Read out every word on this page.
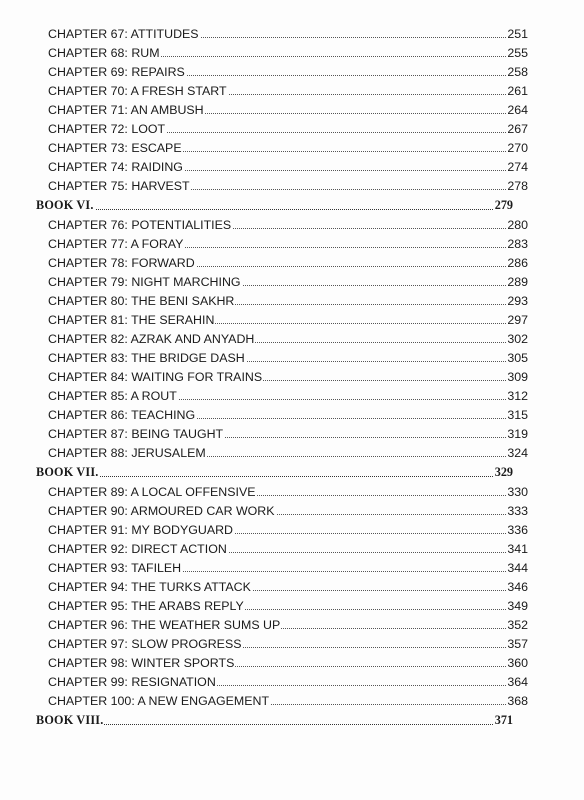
CHAPTER 67: ATTITUDES	251
CHAPTER 68: RUM	255
CHAPTER 69: REPAIRS	258
CHAPTER 70: A FRESH START	261
CHAPTER 71: AN AMBUSH	264
CHAPTER 72: LOOT	267
CHAPTER 73: ESCAPE	270
CHAPTER 74: RAIDING	274
CHAPTER 75: HARVEST	278
BOOK VI.	279
CHAPTER 76: POTENTIALITIES	280
CHAPTER 77: A FORAY	283
CHAPTER 78: FORWARD	286
CHAPTER 79: NIGHT MARCHING	289
CHAPTER 80: THE BENI SAKHR	293
CHAPTER 81: THE SERAHIN	297
CHAPTER 82: AZRAK AND ANYADH	302
CHAPTER 83: THE BRIDGE DASH	305
CHAPTER 84: WAITING FOR TRAINS	309
CHAPTER 85: A ROUT	312
CHAPTER 86: TEACHING	315
CHAPTER 87: BEING TAUGHT	319
CHAPTER 88: JERUSALEM	324
BOOK VII.	329
CHAPTER 89: A LOCAL OFFENSIVE	330
CHAPTER 90: ARMOURED CAR WORK	333
CHAPTER 91: MY BODYGUARD	336
CHAPTER 92: DIRECT ACTION	341
CHAPTER 93: TAFILEH	344
CHAPTER 94: THE TURKS ATTACK	346
CHAPTER 95: THE ARABS REPLY	349
CHAPTER 96: THE WEATHER SUMS UP	352
CHAPTER 97: SLOW PROGRESS	357
CHAPTER 98: WINTER SPORTS	360
CHAPTER 99: RESIGNATION	364
CHAPTER 100: A NEW ENGAGEMENT	368
BOOK VIII.	371
